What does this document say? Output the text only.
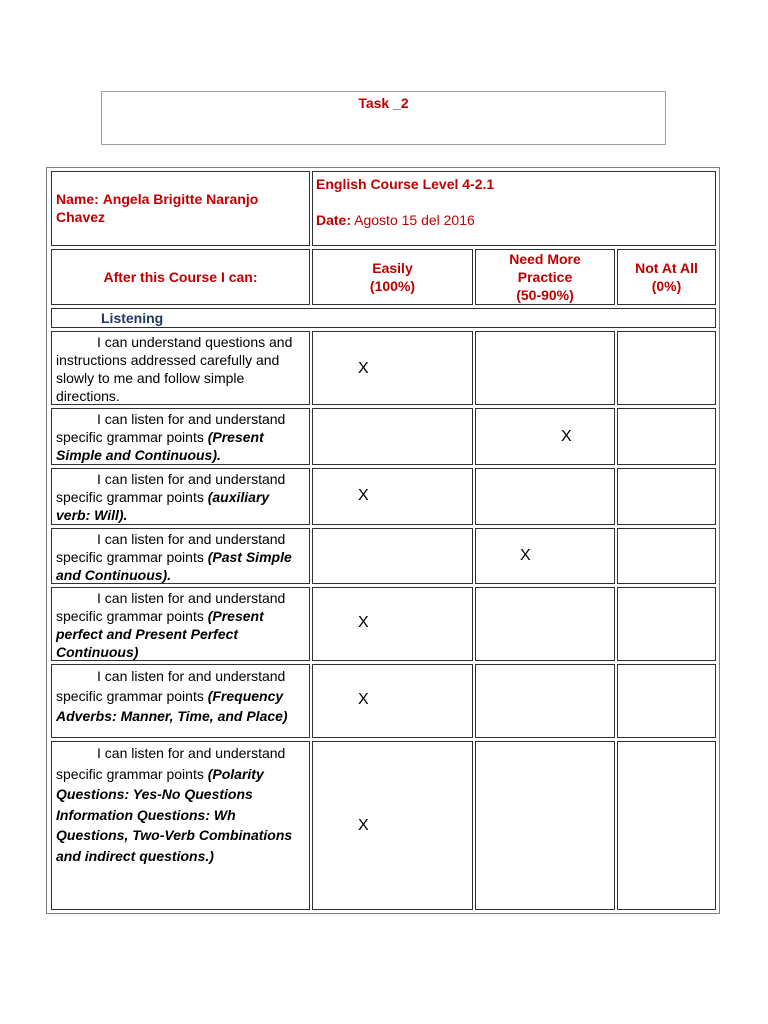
Task _2
Name: Angela Brigitte Naranjo Chavez
English Course Level 4-2.1
Date: Agosto 15 del 2016
After this Course I can:
Easily
(100%)
Need More
Practice
(50-90%)
Not At All
(0%)
Listening
I can understand questions and instructions addressed carefully and slowly to me and follow simple directions.
X
I can listen for and understand specific grammar points (Present Simple and Continuous).
X
I can listen for and understand specific grammar points (auxiliary verb: Will).
X
I can listen for and understand specific grammar points (Past Simple and Continuous).
X
I can listen for and understand specific grammar points (Present perfect and Present Perfect Continuous)
X
I can listen for and understand specific grammar points (Frequency Adverbs: Manner, Time, and Place)
X
I can listen for and understand specific grammar points (Polarity Questions: Yes-No Questions Information Questions: Wh Questions, Two-Verb Combinations and indirect questions.)
X
